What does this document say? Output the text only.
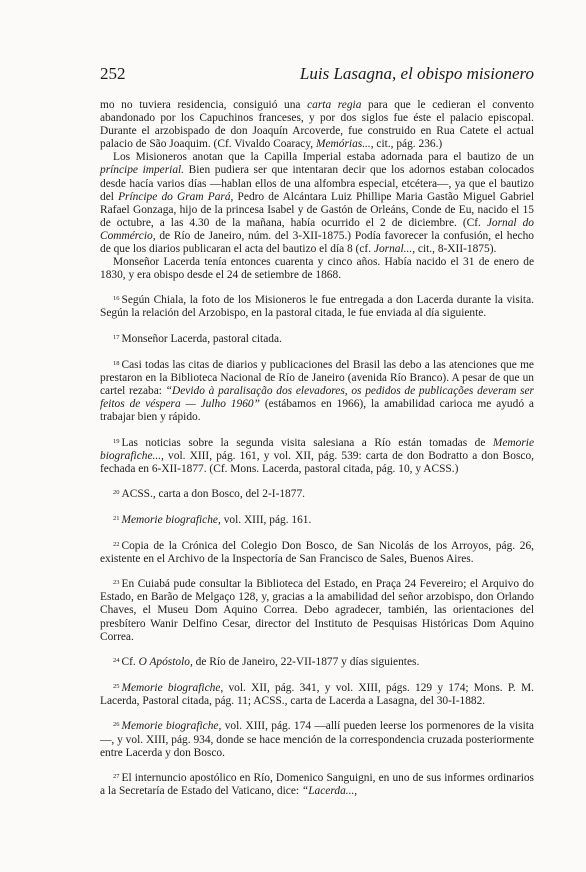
252	Luis Lasagna, el obispo misionero

mo no tuviera residencia, consiguió una carta regia para que le cedieran el convento abandonado por los Capuchinos franceses, y por dos siglos fue éste el palacio episcopal. Durante el arzobispado de don Joaquín Arcoverde, fue construido en Rua Catete el actual palacio de São Joaquim. (Cf. Vivaldo Coaracy, Memórias..., cit., pág. 236.)

Los Misioneros anotan que la Capilla Imperial estaba adornada para el bautizo de un príncipe imperial. Bien pudiera ser que intentaran decir que los adornos estaban colocados desde hacía varios días —hablan ellos de una alfombra especial, etcétera—, ya que el bautizo del Príncipe do Gram Pará, Pedro de Alcántara Luiz Phillipe Maria Gastão Miguel Gabriel Rafael Gonzaga, hijo de la princesa Isabel y de Gastón de Orleáns, Conde de Eu, nacido el 15 de octubre, a las 4.30 de la mañana, había ocurrido el 2 de diciembre. (Cf. Jornal do Commércio, de Río de Janeiro, núm. del 3-XII-1875.) Podía favorecer la confusión, el hecho de que los diarios publicaran el acta del bautizo el día 8 (cf. Jornal..., cit., 8-XII-1875).

Monseñor Lacerda tenía entonces cuarenta y cinco años. Había nacido el 31 de enero de 1830, y era obispo desde el 24 de setiembre de 1868.

$^{16}$ Según Chiala, la foto de los Misioneros le fue entregada a don Lacerda durante la visita. Según la relación del Arzobispo, en la pastoral citada, le fue enviada al día siguiente.

$^{17}$ Monseñor Lacerda, pastoral citada.

$^{18}$ Casi todas las citas de diarios y publicaciones del Brasil las debo a las atenciones que me prestaron en la Biblioteca Nacional de Río de Janeiro (avenida Río Branco). A pesar de que un cartel rezaba: “Devido à paralisação dos elevadores, os pedidos de publicações deveram ser feitos de véspera — Julho 1960” (estábamos en 1966), la amabilidad carioca me ayudó a trabajar bien y rápido.

$^{19}$ Las noticias sobre la segunda visita salesiana a Río están tomadas de Memorie biografiche..., vol. XIII, pág. 161, y vol. XII, pág. 539: carta de don Bodratto a don Bosco, fechada en 6-XII-1877. (Cf. Mons. Lacerda, pastoral citada, pág. 10, y ACSS.)

$^{20}$ ACSS., carta a don Bosco, del 2-I-1877.

$^{21}$ Memorie biografiche, vol. XIII, pág. 161.

$^{22}$ Copia de la Crónica del Colegio Don Bosco, de San Nicolás de los Arroyos, pág. 26, existente en el Archivo de la Inspectoría de San Francisco de Sales, Buenos Aires.

$^{23}$ En Cuiabá pude consultar la Biblioteca del Estado, en Praça 24 Fevereiro; el Arquivo do Estado, en Barão de Melgaço 128, y, gracias a la amabilidad del señor arzobispo, don Orlando Chaves, el Museu Dom Aquino Correa. Debo agradecer, también, las orientaciones del presbítero Wanir Delfino Cesar, director del Instituto de Pesquisas Históricas Dom Aquino Correa.

$^{24}$ Cf. O Apóstolo, de Río de Janeiro, 22-VII-1877 y días siguientes.

$^{25}$ Memorie biografiche, vol. XII, pág. 341, y vol. XIII, págs. 129 y 174; Mons. P. M. Lacerda, Pastoral citada, pág. 11; ACSS., carta de Lacerda a Lasagna, del 30-I-1882.

$^{26}$ Memorie biografiche, vol. XIII, pág. 174 —allí pueden leerse los pormenores de la visita—, y vol. XIII, pág. 934, donde se hace mención de la correspondencia cruzada posteriormente entre Lacerda y don Bosco.

$^{27}$ El internuncio apostólico en Río, Domenico Sanguigni, en uno de sus informes ordinarios a la Secretaría de Estado del Vaticano, dice: “Lacerda...,
